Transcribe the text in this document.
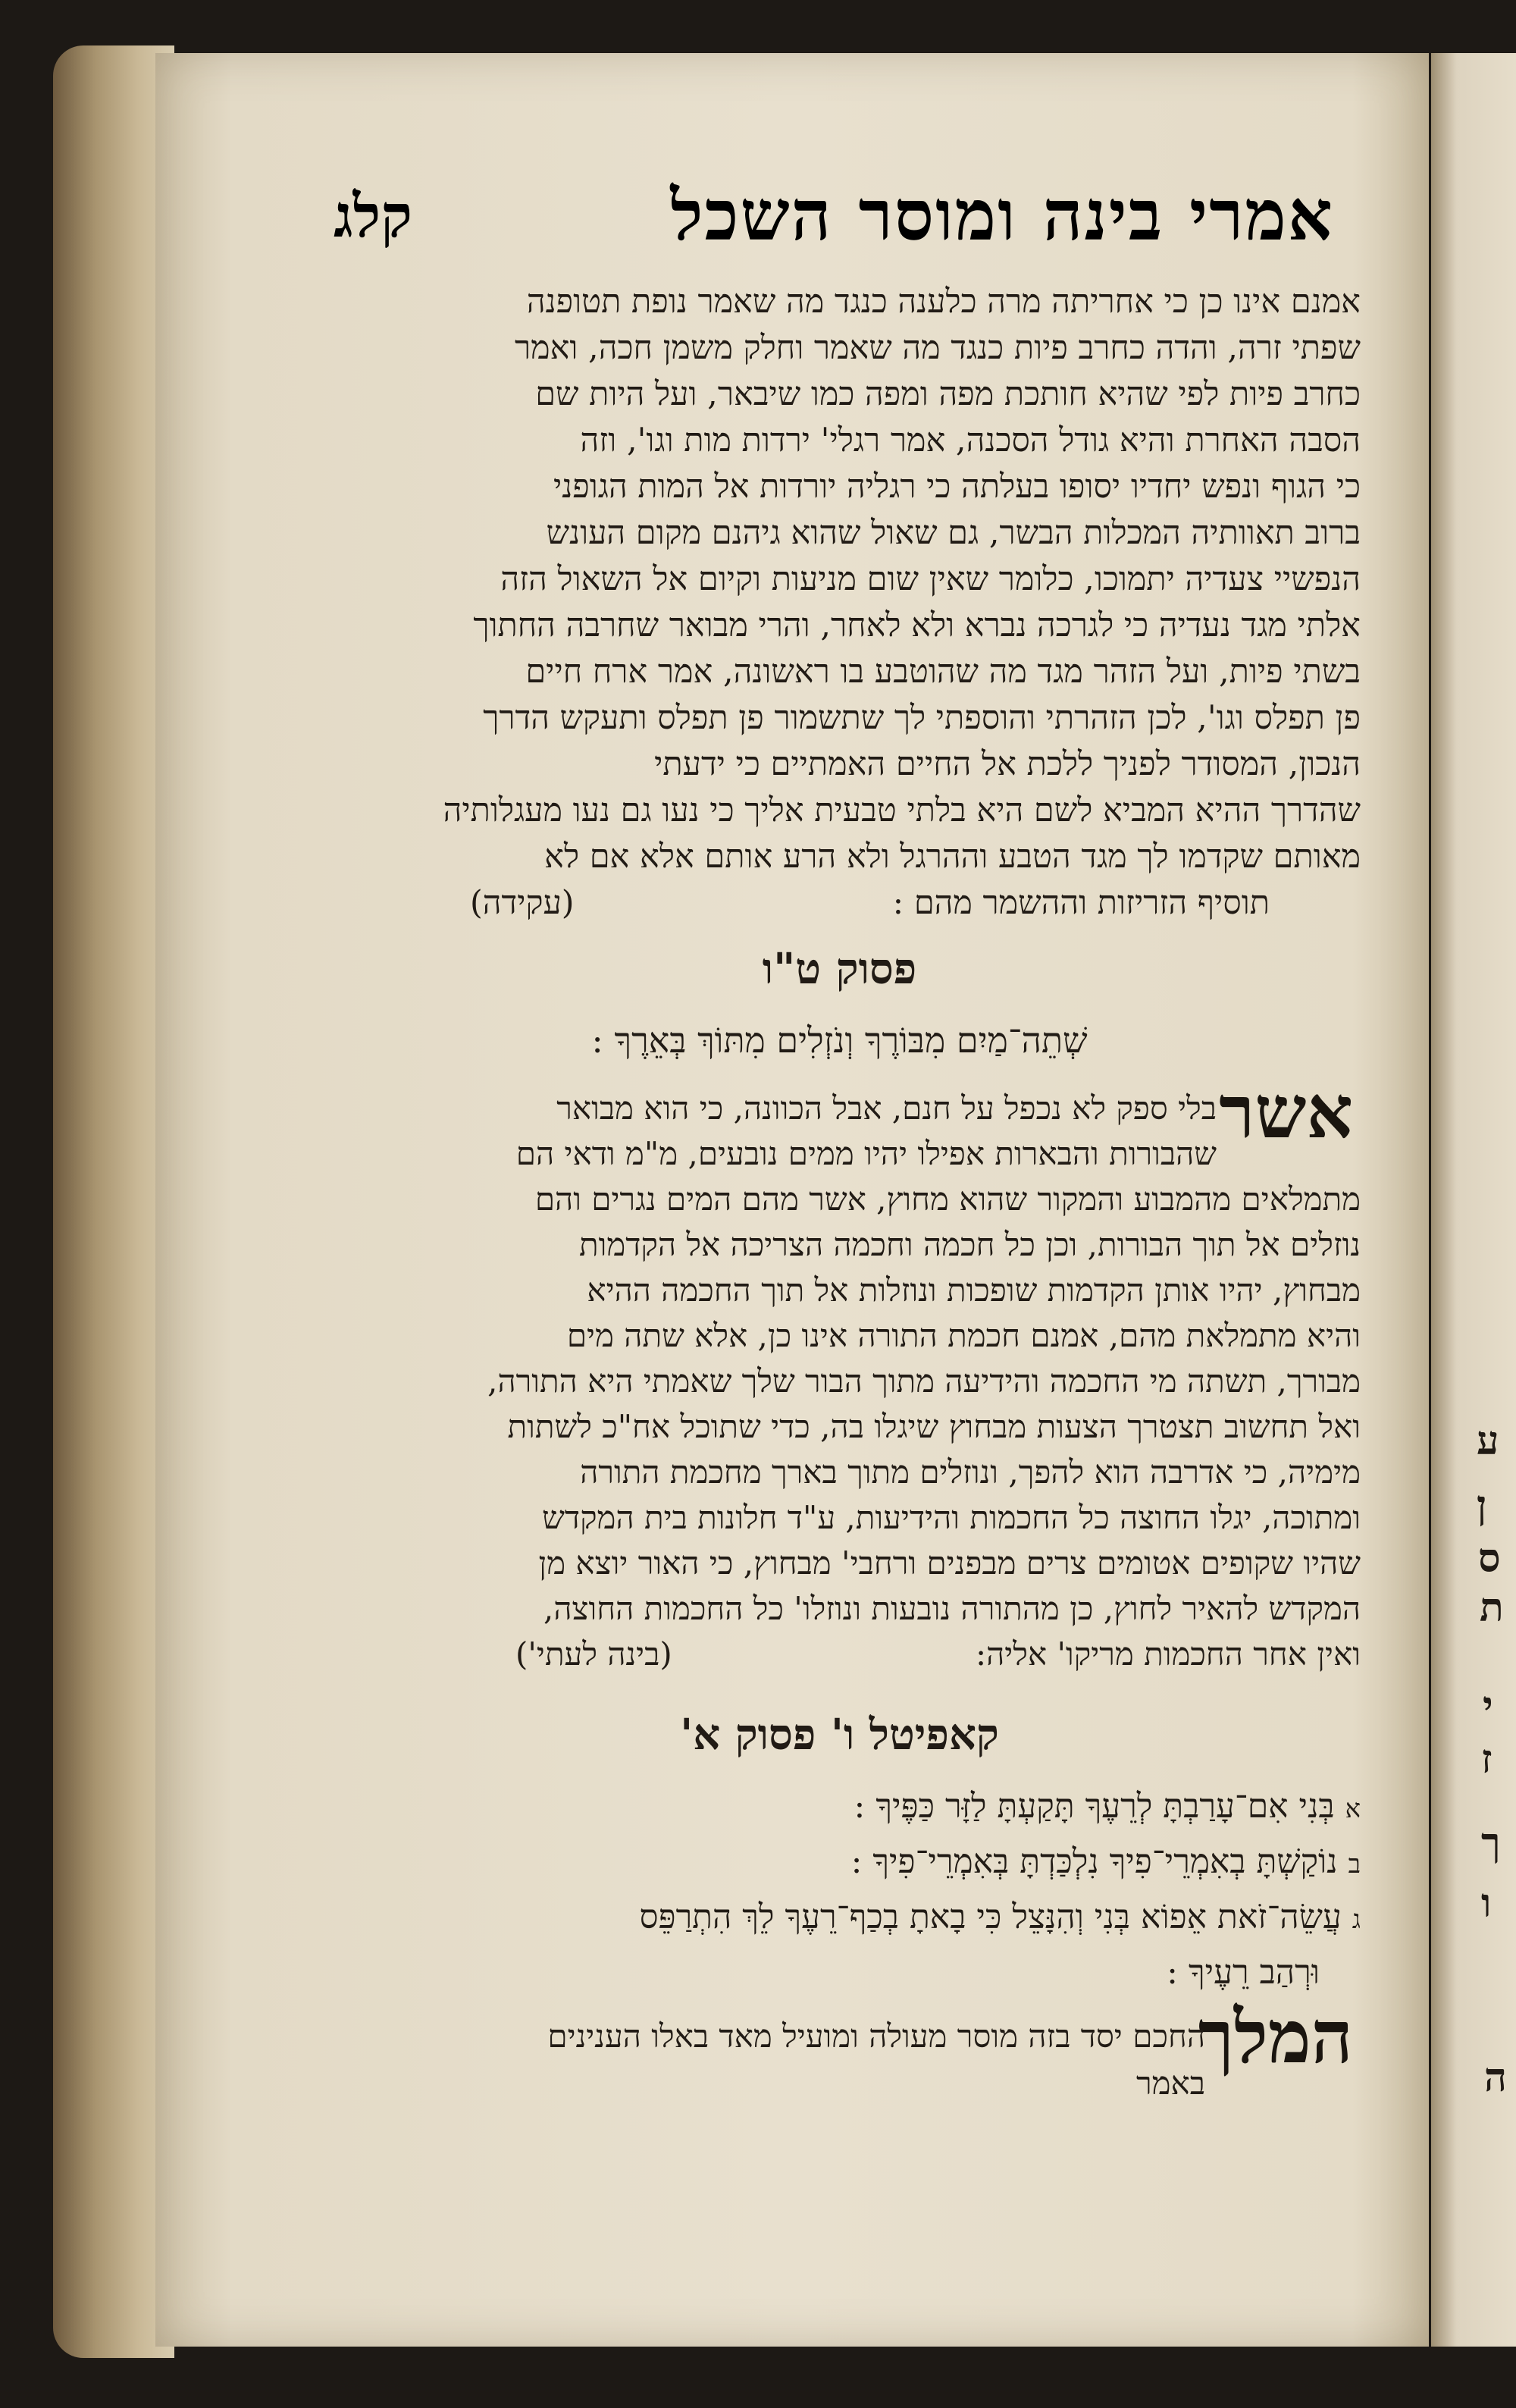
ע
ן
ס
ת
י
ז
ך
ו
ה
אמרי בינה ומוסר השכל
קלג
אמנם אינו כן כי אחריתה מרה כלענה כנגד מה שאמר נופת תטופנה
שפתי זרה, והדה כחרב פיות כנגד מה שאמר וחלק משמן חכה, ואמר
כחרב פיות לפי שהיא חותכת מפה ומפה כמו שיבאר, ועל היות שם
הסבה האחרת והיא גודל הסכנה, אמר רגלי' ירדות מות וגו', וזה
כי הגוף ונפש יחדיו יסופו בעלתה כי רגליה יורדות אל המות הגופני
ברוב תאוותיה המכלות הבשר, גם שאול שהוא גיהנם מקום העונש
הנפשיי צעדיה יתמוכו, כלומר שאין שום מניעות וקיום אל השאול הזה
אלתי מגד נעדיה כי לגרכה נברא ולא לאחר, והרי מבואר שחרבה החתוך
בשתי פיות, ועל הזהר מגד מה שהוטבע בו ראשונה, אמר ארח חיים
פן תפלס וגו', לכן הזהרתי והוספתי לך שתשמור פן תפלס ותעקש הדרך
הנכון, המסודר לפניך ללכת אל החיים האמתיים כי ידעתי
שהדרך ההיא המביא לשם היא בלתי טבעית אליך כי נעו גם נעו מעגלותיה
מאותם שקדמו לך מגד הטבע וההרגל ולא הרע אותם אלא אם לא
תוסיף הזריזות וההשמר מהם :
(עקידה)
פסוק ט"ו
שְׁתֵה־מַיִם מִבּוֹרֶךָ וְנֹזְלִים מִתּוֹךְ בְּאֵרֶךָ :
אשר
בלי ספק לא נכפל על חנם, אבל הכוונה, כי הוא מבואר
שהבורות והבארות אפילו יהיו ממים נובעים, מ"מ ודאי הם
מתמלאים מהמבוע והמקור שהוא מחוץ, אשר מהם המים נגרים והם
נוזלים אל תוך הבורות, וכן כל חכמה וחכמה הצריכה אל הקדמות
מבחוץ, יהיו אותן הקדמות שופכות ונוזלות אל תוך החכמה ההיא
והיא מתמלאת מהם, אמנם חכמת התורה אינו כן, אלא שתה מים
מבורך, תשתה מי החכמה והידיעה מתוך הבור שלך שאמתי היא התורה,
ואל תחשוב תצטרך הצעות מבחוץ שיגלו בה, כדי שתוכל אח"כ לשתות
מימיה, כי אדרבה הוא להפך, ונוזלים מתוך בארך מחכמת התורה
ומתוכה, יגלו החוצה כל החכמות והידיעות, ע"ד חלונות בית המקדש
שהיו שקופים אטומים צרים מבפנים ורחבי' מבחוץ, כי האור יוצא מן
המקדש להאיר לחוץ, כן מהתורה נובעות ונוזלו' כל החכמות החוצה,
ואין אחר החכמות מריקו' אליה:
(בינה לעתי')
קאפיטל ו' פסוק א'
אבְּנִי אִם־עָרַבְתָּ לְרֵעֶךָ תָּקַעְתָּ לַזָּר כַּפֶּיךָ :
בנוֹקַשְׁתָּ בְאִמְרֵי־פִיךָ נִלְכַּדְתָּ בְּאִמְרֵי־פִיךָ :
געֲשֵׂה־זֹאת אֵפוֹא בְּנִי וְהִנָּצֵל כִּי בָאתָ בְכַף־רֵעֶךָ לֵךְ הִתְרַפֵּס
וּרְהַב רֵעֶיךָ :
המלך
החכם יסד בזה מוסר מעולה ומועיל מאד באלו הענינים
באמר
